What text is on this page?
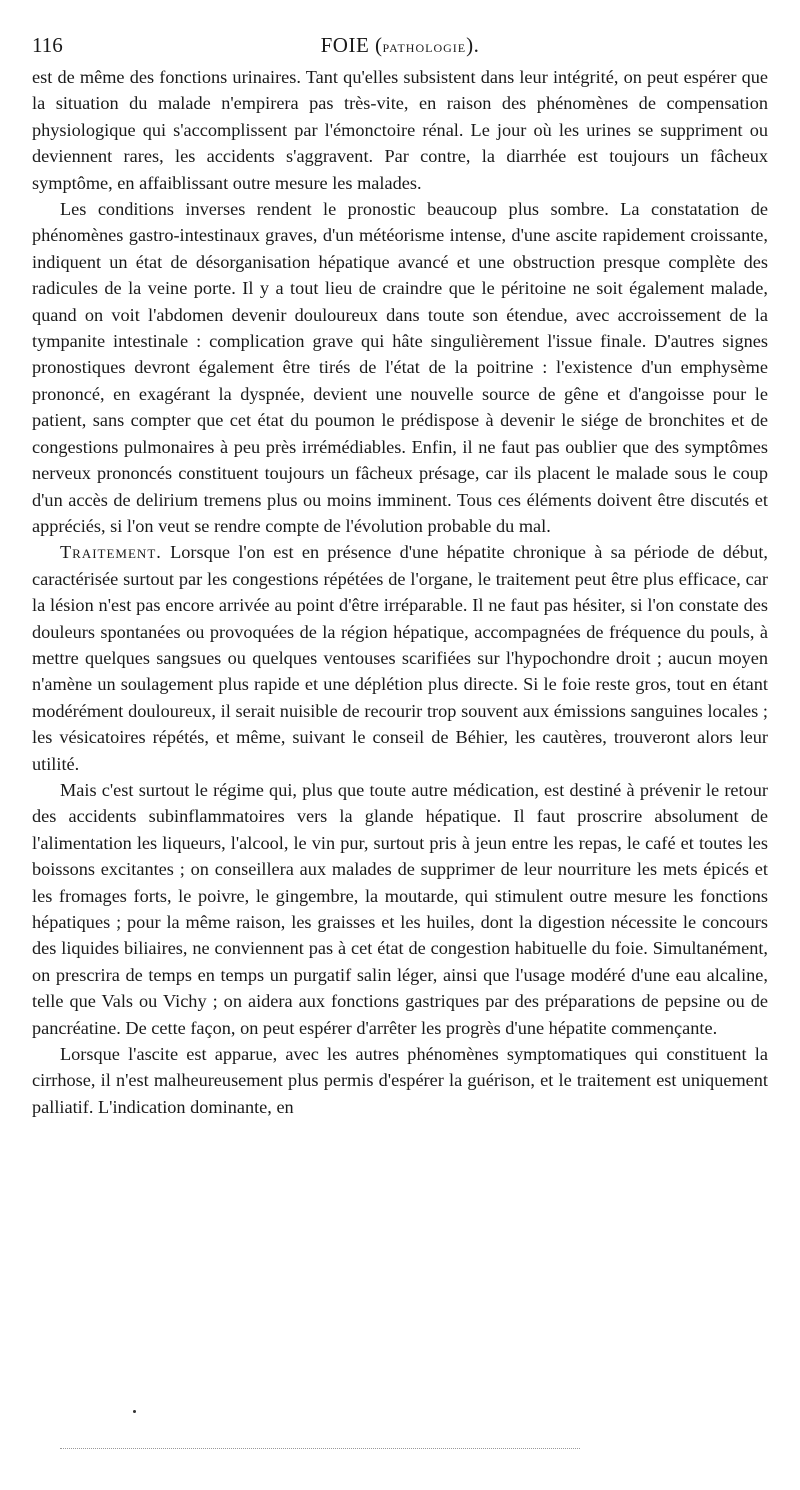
116	FOIE (pathologie).

est de même des fonctions urinaires. Tant qu'elles subsistent dans leur intégrité, on peut espérer que la situation du malade n'empirera pas très-vite, en raison des phénomènes de compensation physiologique qui s'accomplissent par l'émonctoire rénal. Le jour où les urines se suppriment ou deviennent rares, les accidents s'aggravent. Par contre, la diarrhée est toujours un fâcheux symptôme, en affaiblissant outre mesure les malades.

Les conditions inverses rendent le pronostic beaucoup plus sombre. La constatation de phénomènes gastro-intestinaux graves, d'un météorisme intense, d'une ascite rapidement croissante, indiquent un état de désorganisation hépatique avancé et une obstruction presque complète des radicules de la veine porte. Il y a tout lieu de craindre que le péritoine ne soit également malade, quand on voit l'abdomen devenir douloureux dans toute son étendue, avec accroissement de la tympanite intestinale : complication grave qui hâte singulièrement l'issue finale. D'autres signes pronostiques devront également être tirés de l'état de la poitrine : l'existence d'un emphysème prononcé, en exagérant la dyspnée, devient une nouvelle source de gêne et d'angoisse pour le patient, sans compter que cet état du poumon le prédispose à devenir le siége de bronchites et de congestions pulmonaires à peu près irrémédiables. Enfin, il ne faut pas oublier que des symptômes nerveux prononcés constituent toujours un fâcheux présage, car ils placent le malade sous le coup d'un accès de delirium tremens plus ou moins imminent. Tous ces éléments doivent être discutés et appréciés, si l'on veut se rendre compte de l'évolution probable du mal.

Traitement. Lorsque l'on est en présence d'une hépatite chronique à sa période de début, caractérisée surtout par les congestions répétées de l'organe, le traitement peut être plus efficace, car la lésion n'est pas encore arrivée au point d'être irréparable. Il ne faut pas hésiter, si l'on constate des douleurs spontanées ou provoquées de la région hépatique, accompagnées de fréquence du pouls, à mettre quelques sangsues ou quelques ventouses scarifiées sur l'hypochondre droit ; aucun moyen n'amène un soulagement plus rapide et une déplétion plus directe. Si le foie reste gros, tout en étant modérément douloureux, il serait nuisible de recourir trop souvent aux émissions sanguines locales ; les vésicatoires répétés, et même, suivant le conseil de Béhier, les cautères, trouveront alors leur utilité.

Mais c'est surtout le régime qui, plus que toute autre médication, est destiné à prévenir le retour des accidents subinflammatoires vers la glande hépatique. Il faut proscrire absolument de l'alimentation les liqueurs, l'alcool, le vin pur, surtout pris à jeun entre les repas, le café et toutes les boissons excitantes ; on conseillera aux malades de supprimer de leur nourriture les mets épicés et les fromages forts, le poivre, le gingembre, la moutarde, qui stimulent outre mesure les fonctions hépatiques ; pour la même raison, les graisses et les huiles, dont la digestion nécessite le concours des liquides biliaires, ne conviennent pas à cet état de congestion habituelle du foie. Simultanément, on prescrira de temps en temps un purgatif salin léger, ainsi que l'usage modéré d'une eau alcaline, telle que Vals ou Vichy ; on aidera aux fonctions gastriques par des préparations de pepsine ou de pancréatine. De cette façon, on peut espérer d'arrêter les progrès d'une hépatite commençante.

Lorsque l'ascite est apparue, avec les autres phénomènes symptomatiques qui constituent la cirrhose, il n'est malheureusement plus permis d'espérer la guérison, et le traitement est uniquement palliatif. L'indication dominante, en
